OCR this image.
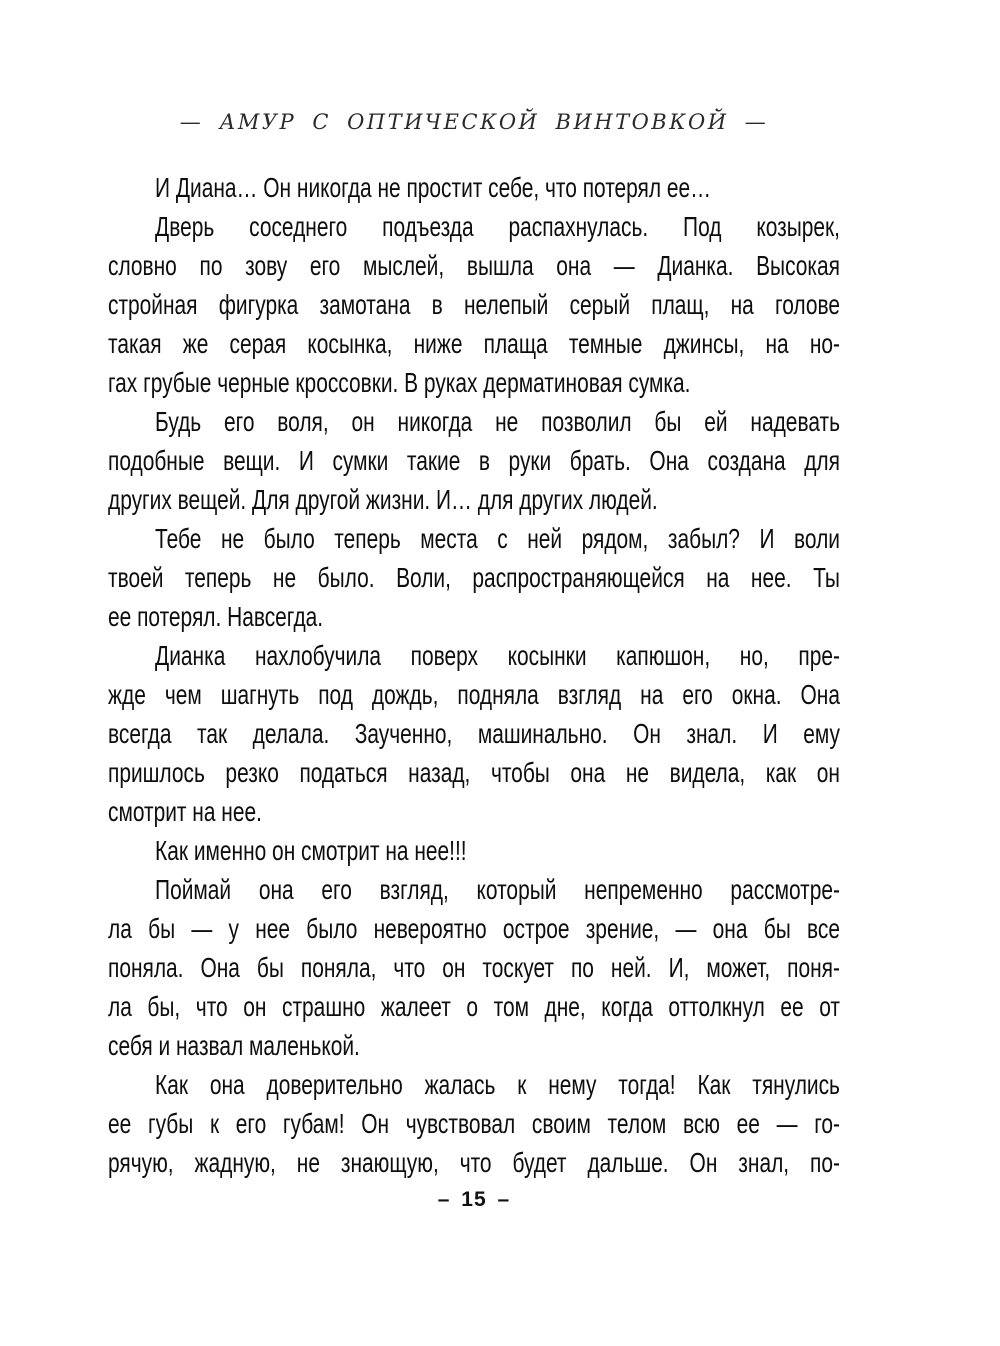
— АМУР С ОПТИЧЕСКОЙ ВИНТОВКОЙ —
И Диана… Он никогда не простит себе, что потерял ее…
Дверь соседнего подъезда распахнулась. Под козырек,
словно по зову его мыслей, вышла она — Дианка. Высокая
стройная фигурка замотана в нелепый серый плащ, на голове
такая же серая косынка, ниже плаща темные джинсы, на но-
гах грубые черные кроссовки. В руках дерматиновая сумка.
Будь его воля, он никогда не позволил бы ей надевать
подобные вещи. И сумки такие в руки брать. Она создана для
других вещей. Для другой жизни. И… для других людей.
Тебе не было теперь места с ней рядом, забыл? И воли
твоей теперь не было. Воли, распространяющейся на нее. Ты
ее потерял. Навсегда.
Дианка нахлобучила поверх косынки капюшон, но, пре-
жде чем шагнуть под дождь, подняла взгляд на его окна. Она
всегда так делала. Заученно, машинально. Он знал. И ему
пришлось резко податься назад, чтобы она не видела, как он
смотрит на нее.
Как именно он смотрит на нее!!!
Поймай она его взгляд, который непременно рассмотре-
ла бы — у нее было невероятно острое зрение, — она бы все
поняла. Она бы поняла, что он тоскует по ней. И, может, поня-
ла бы, что он страшно жалеет о том дне, когда оттолкнул ее от
себя и назвал маленькой.
Как она доверительно жалась к нему тогда! Как тянулись
ее губы к его губам! Он чувствовал своим телом всю ее — го-
рячую, жадную, не знающую, что будет дальше. Он знал, по-
– 15 –
